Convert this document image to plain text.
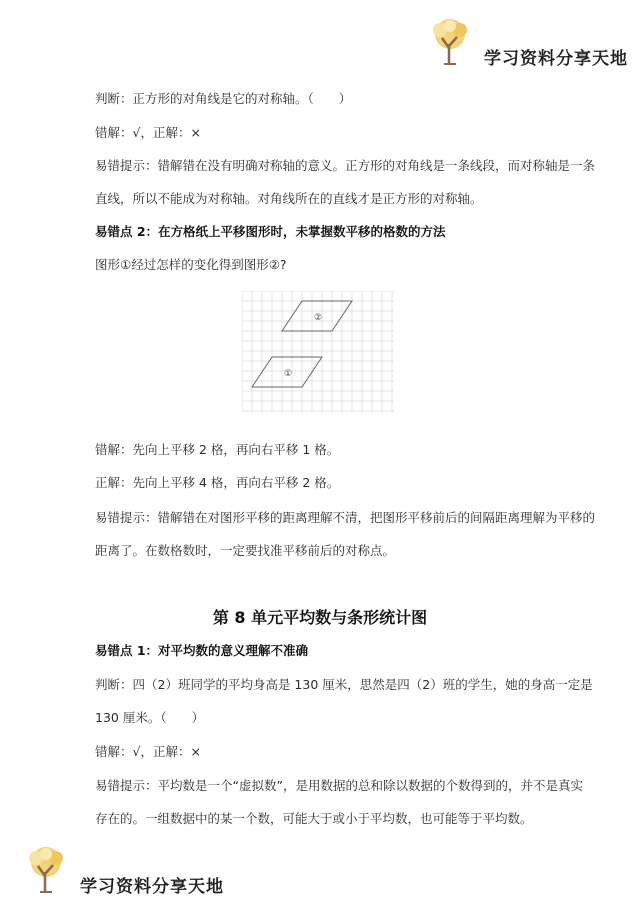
学习资料分享天地
判断：正方形的对角线是它的对称轴。（　　）
错解：√，正解：×
易错提示：错解错在没有明确对称轴的意义。正方形的对角线是一条线段，而对称轴是一条
直线，所以不能成为对称轴。对角线所在的直线才是正方形的对称轴。
易错点 2：在方格纸上平移图形时，未掌握数平移的格数的方法
图形①经过怎样的变化得到图形②?
②
①
错解：先向上平移 2 格，再向右平移 1 格。
正解：先向上平移 4 格，再向右平移 2 格。
易错提示：错解错在对图形平移的距离理解不清，把图形平移前后的间隔距离理解为平移的
距离了。在数格数时，一定要找准平移前后的对称点。
第 8 单元平均数与条形统计图
易错点 1：对平均数的意义理解不准确
判断：四（2）班同学的平均身高是 130 厘米，思然是四（2）班的学生，她的身高一定是
130 厘米。（　　）
错解：√，正解：×
易错提示：平均数是一个“虚拟数”，是用数据的总和除以数据的个数得到的，并不是真实
存在的。一组数据中的某一个数，可能大于或小于平均数，也可能等于平均数。
学习资料分享天地
